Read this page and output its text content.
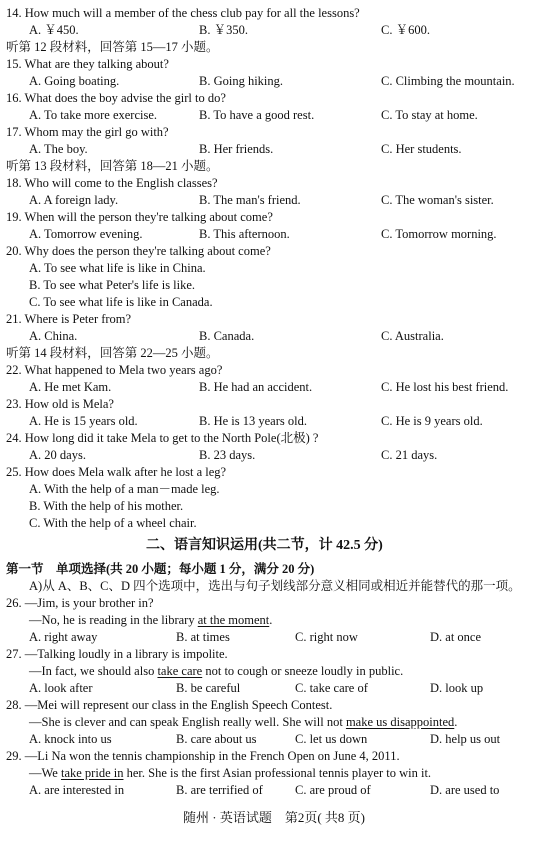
14. How much will a member of the chess club pay for all the lessons?
A. ￥450.	B. ￥350.	C. ￥600.
听第 12 段材料，回答第 15—17 小题。
15. What are they talking about?
A. Going boating.	B. Going hiking.	C. Climbing the mountain.
16. What does the boy advise the girl to do?
A. To take more exercise.	B. To have a good rest.	C. To stay at home.
17. Whom may the girl go with?
A. The boy.	B. Her friends.	C. Her students.
听第 13 段材料，回答第 18—21 小题。
18. Who will come to the English classes?
A. A foreign lady.	B. The man's friend.	C. The woman's sister.
19. When will the person they're talking about come?
A. Tomorrow evening.	B. This afternoon.	C. Tomorrow morning.
20. Why does the person they're talking about come?
A. To see what life is like in China.
B. To see what Peter's life is like.
C. To see what life is like in Canada.
21. Where is Peter from?
A. China.	B. Canada.	C. Australia.
听第 14 段材料，回答第 22—25 小题。
22. What happened to Mela two years ago?
A. He met Kam.	B. He had an accident.	C. He lost his best friend.
23. How old is Mela?
A. He is 15 years old.	B. He is 13 years old.	C. He is 9 years old.
24. How long did it take Mela to get to the North Pole(北极) ?
A. 20 days.	B. 23 days.	C. 21 days.
25. How does Mela walk after he lost a leg?
A. With the help of a man－made leg.
B. With the help of his mother.
C. With the help of a wheel chair.
二、语言知识运用(共二节，计 42.5 分)
第一节　单项选择(共 20 小题；每小题 1 分，满分 20 分)
A)从 A、B、C、D 四个选项中，选出与句子划线部分意义相同或相近并能替代的那一项。
26. —Jim, is your brother in?
—No, he is reading in the library at the moment.
A. right away	B. at times	C. right now	D. at once
27. —Talking loudly in a library is impolite.
—In fact, we should also take care not to cough or sneeze loudly in public.
A. look after	B. be careful	C. take care of	D. look up
28. —Mei will represent our class in the English Speech Contest.
—She is clever and can speak English really well. She will not make us disappointed.
A. knock into us	B. care about us	C. let us down	D. help us out
29. —Li Na won the tennis championship in the French Open on June 4, 2011.
—We take pride in her. She is the first Asian professional tennis player to win it.
A. are interested in	B. are terrified of	C. are proud of	D. are used to
随州 · 英语试题　第2页( 共8 页)
